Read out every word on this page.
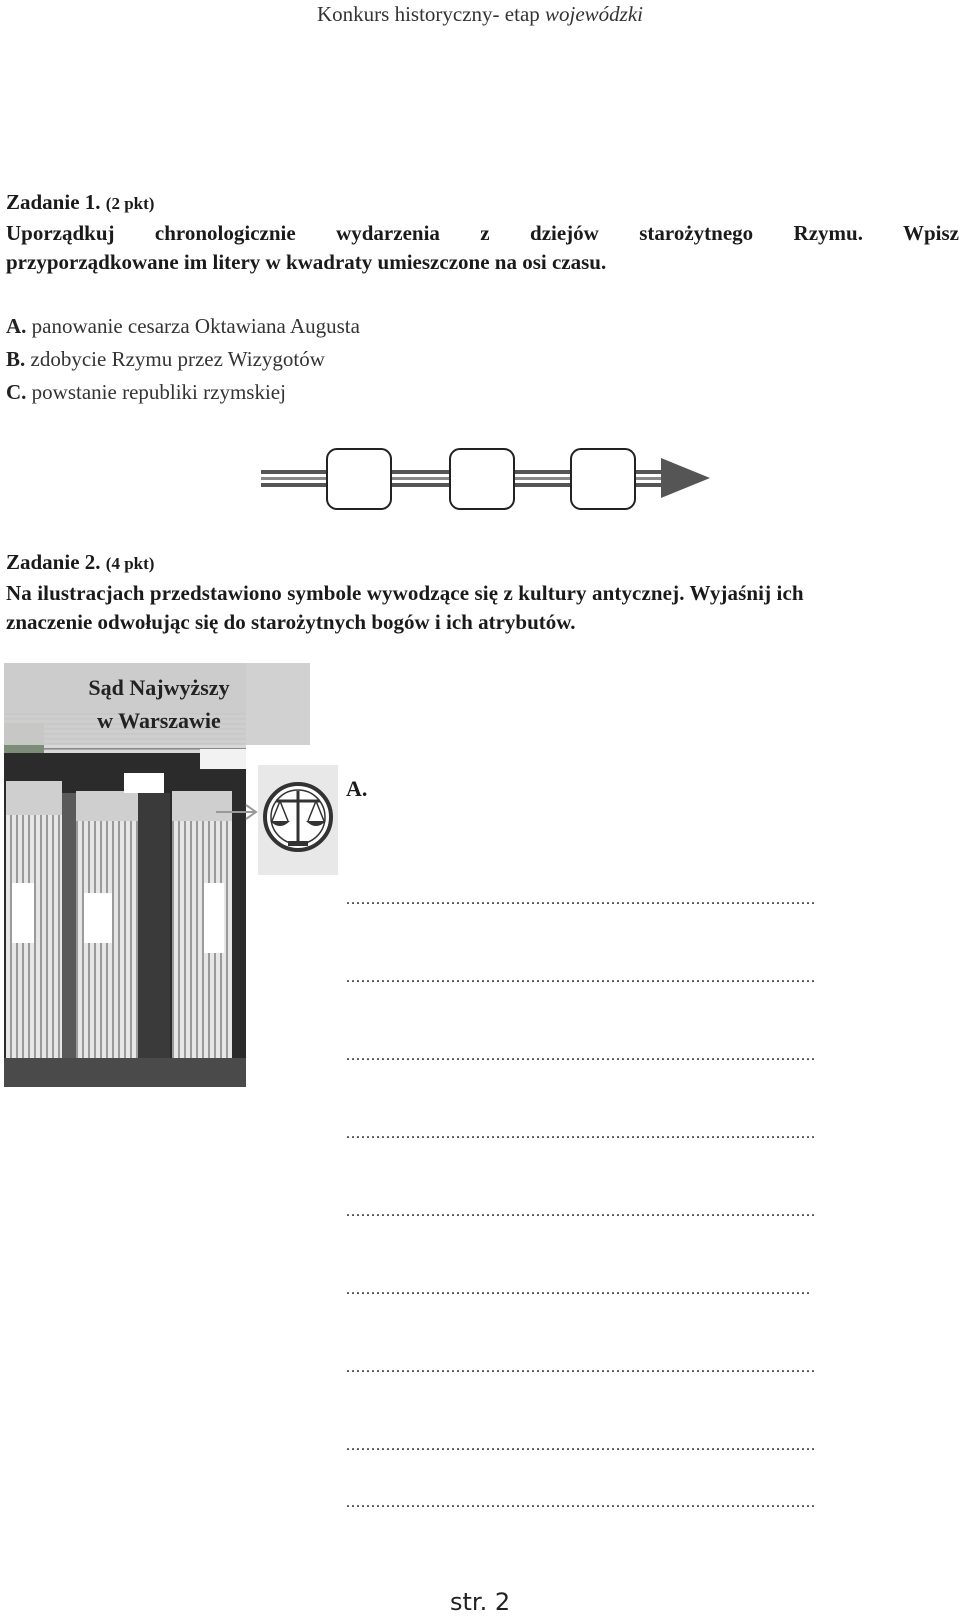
Konkurs historyczny- etap wojewódzki
Zadanie 1. (2 pkt)
Uporządkuj chronologicznie wydarzenia z dziejów starożytnego Rzymu. Wpisz
przyporządkowane im litery w kwadraty umieszczone na osi czasu.
A. panowanie cesarza Oktawiana Augusta
B. zdobycie Rzymu przez Wizygotów
C. powstanie republiki rzymskiej
Zadanie 2. (4 pkt)
Na ilustracjach przedstawiono symbole wywodzące się z kultury antycznej. Wyjaśnij ich
znaczenie odwołując się do starożytnych bogów i ich atrybutów.
Sąd Najwyższy
w Warszawie
A.
..............................................................................................
..............................................................................................
..............................................................................................
..............................................................................................
..............................................................................................
.............................................................................................
..............................................................................................
..............................................................................................
..............................................................................................
str. 2
